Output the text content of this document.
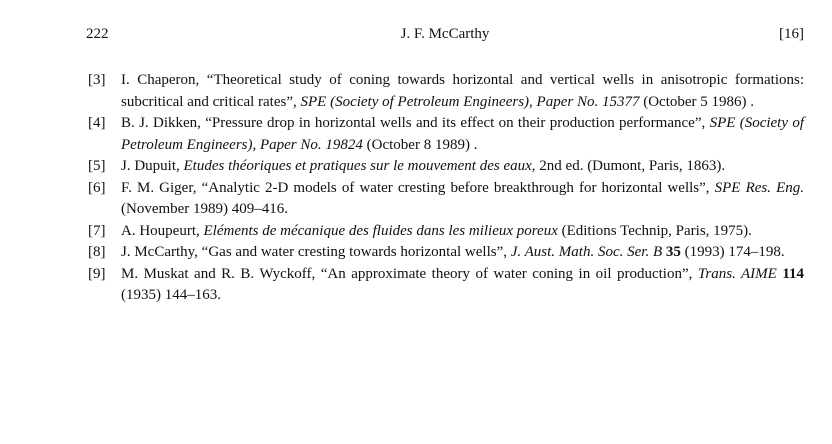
222	J. F. McCarthy	[16]
[3]	I. Chaperon, “Theoretical study of coning towards horizontal and vertical wells in anisotropic formations: subcritical and critical rates”, SPE (Society of Petroleum Engineers), Paper No. 15377 (October 5 1986) .
[4]	B. J. Dikken, “Pressure drop in horizontal wells and its effect on their production performance”, SPE (Society of Petroleum Engineers), Paper No. 19824 (October 8 1989) .
[5]	J. Dupuit, Etudes théoriques et pratiques sur le mouvement des eaux, 2nd ed. (Dumont, Paris, 1863).
[6]	F. M. Giger, “Analytic 2-D models of water cresting before breakthrough for horizontal wells”, SPE Res. Eng. (November 1989) 409–416.
[7]	A. Houpeurt, Eléments de mécanique des fluides dans les milieux poreux (Editions Technip, Paris, 1975).
[8]	J. McCarthy, “Gas and water cresting towards horizontal wells”, J. Aust. Math. Soc. Ser. B 35 (1993) 174–198.
[9]	M. Muskat and R. B. Wyckoff, “An approximate theory of water coning in oil production”, Trans. AIME 114 (1935) 144–163.
